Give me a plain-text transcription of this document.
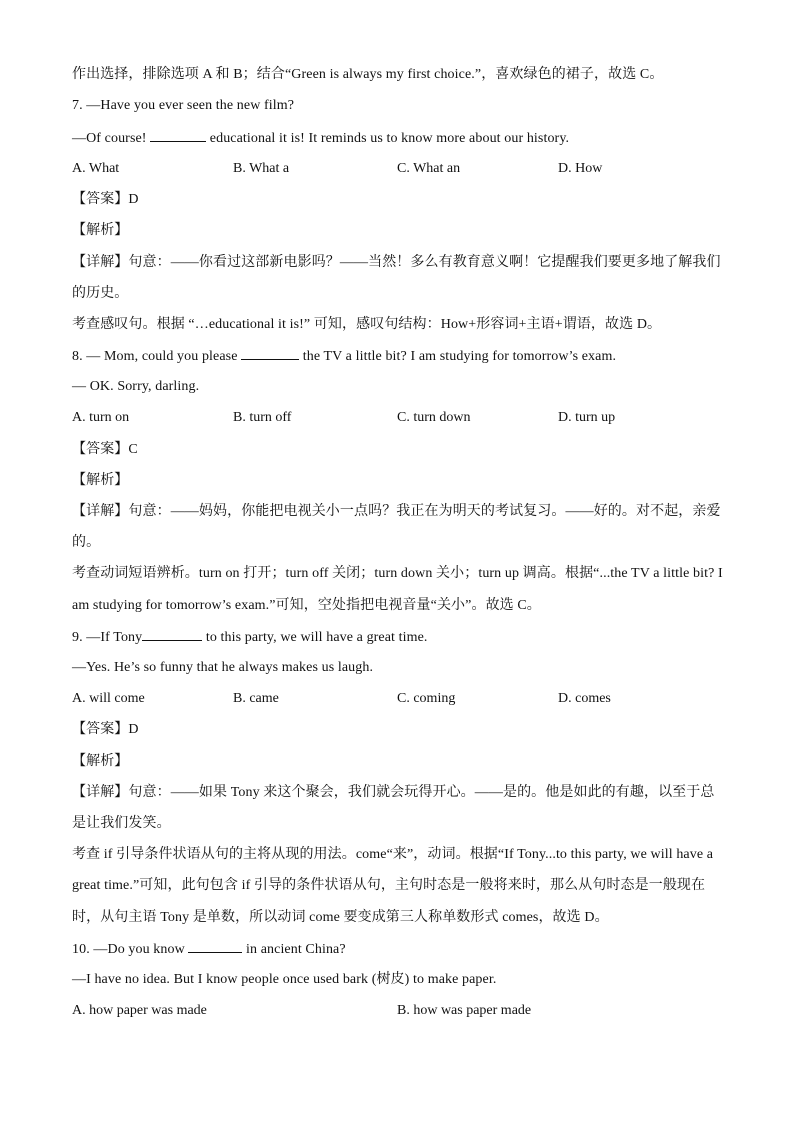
作出选择，排除选项 A 和 B；结合“Green is always my first choice.”，喜欢绿色的裙子，故选 C。
7. —Have you ever seen the new film?
—Of course!	educational it is! It reminds us to know more about our history.
A. What	B. What a	C. What an	D. How
【答案】D
【解析】
【详解】句意：——你看过这部新电影吗？——当然！多么有教育意义啊！它提醒我们要更多地了解我们
的历史。
考查感叹句。根据 “…educational it is!” 可知，感叹句结构：How+形容词+主语+谓语，故选 D。
8. — Mom, could you please	the TV a little bit? I am studying for tomorrow’s exam.
— OK. Sorry, darling.
A. turn on	B. turn off	C. turn down	D. turn up
【答案】C
【解析】
【详解】句意：——妈妈，你能把电视关小一点吗？我正在为明天的考试复习。——好的。对不起，亲爱
的。
考查动词短语辨析。turn on 打开；turn off 关闭；turn down 关小；turn up 调高。根据“...the TV a little bit? I
am studying for tomorrow’s exam.”可知，空处指把电视音量“关小”。故选 C。
9. —If Tony	to this party, we will have a great time.
—Yes. He’s so funny that he always makes us laugh.
A. will come	B. came	C. coming	D. comes
【答案】D
【解析】
【详解】句意：——如果 Tony 来这个聚会，我们就会玩得开心。——是的。他是如此的有趣，以至于总
是让我们发笑。
考查 if 引导条件状语从句的主将从现的用法。come“来”，动词。根据“If Tony...to this party, we will have a
great time.”可知，此句包含 if 引导的条件状语从句，主句时态是一般将来时，那么从句时态是一般现在
时，从句主语 Tony 是单数，所以动词 come 要变成第三人称单数形式 comes，故选 D。
10. —Do you know	in ancient China?
—I have no idea. But I know people once used bark (树皮) to make paper.
A. how paper was made	B. how was paper made
